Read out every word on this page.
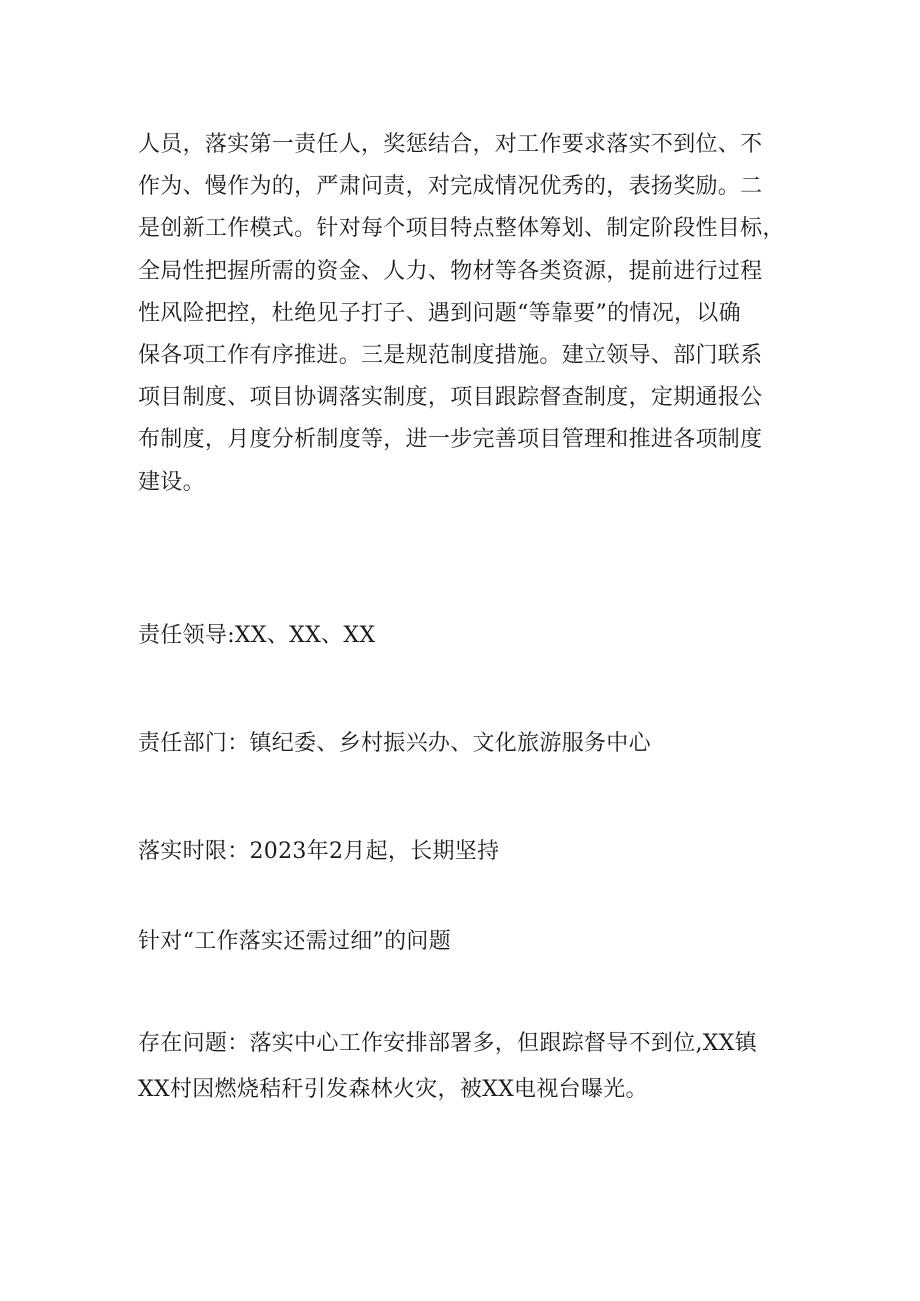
人员，落实第一责任人，奖惩结合，对工作要求落实不到位、不
作为、慢作为的，严肃问责，对完成情况优秀的，表扬奖励。二
是创新工作模式。针对每个项目特点整体筹划、制定阶段性目标，
全局性把握所需的资金、人力、物材等各类资源，提前进行过程
性风险把控，杜绝见子打子、遇到问题“等靠要”的情况，以确
保各项工作有序推进。三是规范制度措施。建立领导、部门联系
项目制度、项目协调落实制度，项目跟踪督查制度，定期通报公
布制度，月度分析制度等，进一步完善项目管理和推进各项制度
建设。
责任领导:XX、XX、XX
责任部门：镇纪委、乡村振兴办、文化旅游服务中心
落实时限：2023年2月起，长期坚持
针对“工作落实还需过细”的问题
存在问题：落实中心工作安排部署多，但跟踪督导不到位,XX镇
XX村因燃烧秸秆引发森林火灾，被XX电视台曝光。
